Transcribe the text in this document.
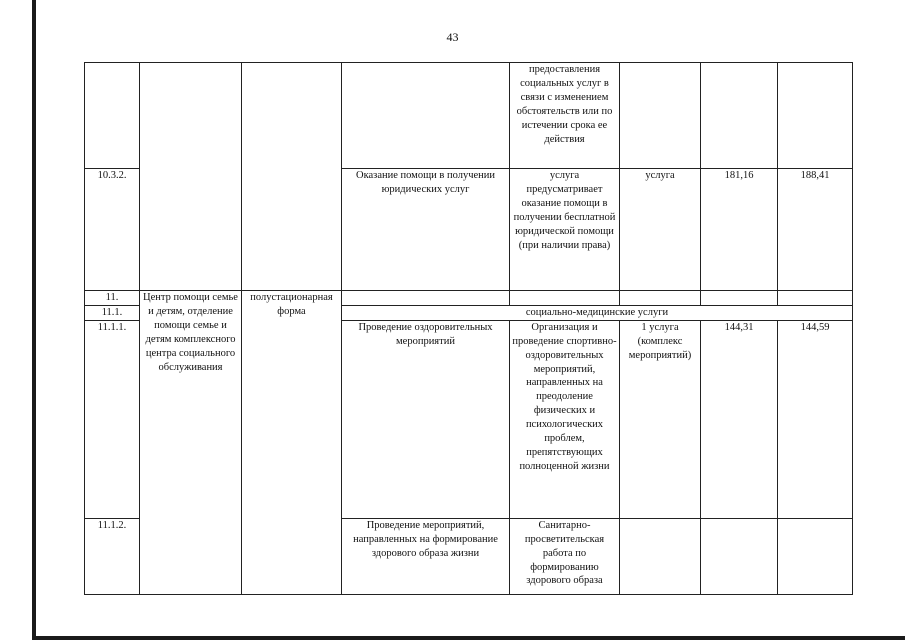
43
				предоставления социальных услуг в связи с изменением обстоятельств или по истечении срока ее действия			
10.3.2.			Оказание помощи в получении юридических услуг	услуга предусматривает оказание помощи в получении бесплатной юридической помощи (при наличии права)	услуга	181,16	188,41
11.	Центр помощи семье и детям, отделение помощи семье и детям комплексного центра социального обслуживания	полустационарная форма					
11.1.			социально-медицинские услуги				
11.1.1.			Проведение оздоровительных мероприятий	Организация и проведение спортивно-оздоровительных мероприятий, направленных на преодоление физических и психологических проблем, препятствующих полноценной жизни	1 услуга (комплекс мероприятий)	144,31	144,59
11.1.2.			Проведение мероприятий, направленных на формирование здорового образа жизни	Санитарно-просветительская работа по формированию здорового образа			
